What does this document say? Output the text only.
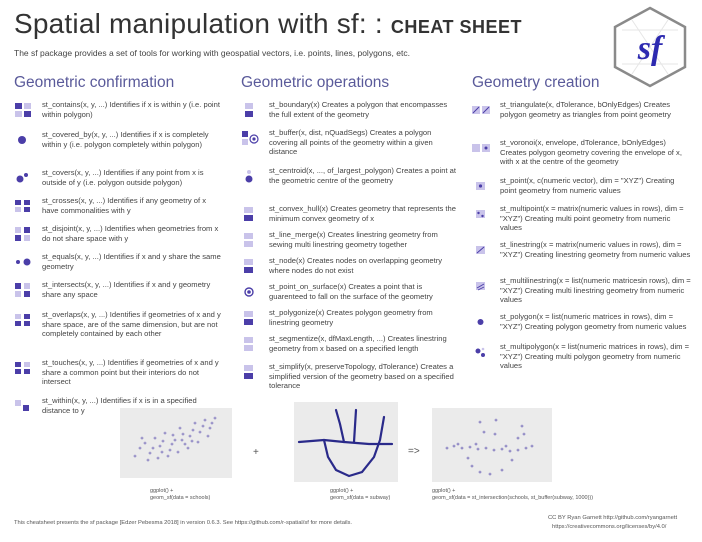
Spatial manipulation with sf: : CHEAT SHEET
The sf package provides a set of tools for working with geospatial vectors, i.e. points, lines, polygons, etc.	sf
Geometric confirmation	Geometric operations	Geometry creation
st_contains(x, y, ...) Identifies if x is within y (i.e. point within polygon)
st_covered_by(x, y, ...) Identifies if x is completely within y (i.e. polygon completely within polygon)
st_covers(x, y, ...) Identifies if any point from x is outside of y (i.e. polygon outside polygon)
st_crosses(x, y, ...) Identifies if any geometry of x have commonalities with y
st_disjoint(x, y, ...) Identifies when geometries from x do not share space with y
st_equals(x, y, ...) Identifies if x and y share the same geometry
st_intersects(x, y, ...) Identifies if x and y geometry share any space
st_overlaps(x, y, ...) Identifies if geometries of x and y share space, are of the same dimension, but are not completely contained by each other
st_touches(x, y, ...) Identifies if geometries of x and y share a common point but their interiors do not intersect
st_within(x, y, ...) Identifies if x is in a specified distance to y
st_boundary(x) Creates a polygon that encompasses the full extent of the geometry
st_buffer(x, dist, nQuadSegs) Creates a polygon covering all points of the geometry within a given distance
st_centroid(x, ..., of_largest_polygon) Creates a point at the geometric centre of the geometry
st_convex_hull(x) Creates geometry that represents the minimum convex geometry of x
st_line_merge(x) Creates linestring geometry from sewing multi linestring geometry together
st_node(x) Creates nodes on overlapping geometry where nodes do not exist
st_point_on_surface(x) Creates a point that is guarenteed to fall on the surface of the geometry
st_polygonize(x) Creates polygon geometry from linestring geometry
st_segmentize(x, dfMaxLength, ...) Creates linestring geometry from x based on a specified length
st_simplify(x, preserveTopology, dTolerance) Creates a simplified version of the geometry based on a specified tolerance
st_triangulate(x, dTolerance, bOnlyEdges) Creates polygon geometry as triangles from point geometry
st_voronoi(x, envelope, dTolerance, bOnlyEdges) Creates polygon geometry covering the envelope of x, with x at the centre of the geometry
st_point(x, c(numeric vector), dim = "XYZ") Creating point geometry from numeric values
st_multipoint(x = matrix(numeric values in rows), dim = "XYZ") Creating multi point geometry from numeric values
st_linestring(x = matrix(numeric values in rows), dim = "XYZ") Creating linestring geometry from numeric values
st_multilinestring(x = list(numeric matricesin rows), dim = "XYZ") Creating multi linestring geometry from numeric values
st_polygon(x = list(numeric matrices in rows), dim = "XYZ") Creating polygon geometry from numeric values
st_multipolygon(x = list(numeric matrices in rows), dim = "XYZ") Creating multi polygon geometry from numeric values
ggplot() +
geom_sf(data = schools)
+
ggplot() +
geom_sf(data = subway)
=>
ggplot() +
geom_sf(data = st_intersection(schools, st_buffer(subway, 1000)))
This cheatsheet presents the sf package [Edzer Pebesma 2018] in version 0.6.3. See https://github.com/r-spatial/sf for more details.
CC BY Ryan Garnett http://github.com/ryangarnett
https://creativecommons.org/licenses/by/4.0/
